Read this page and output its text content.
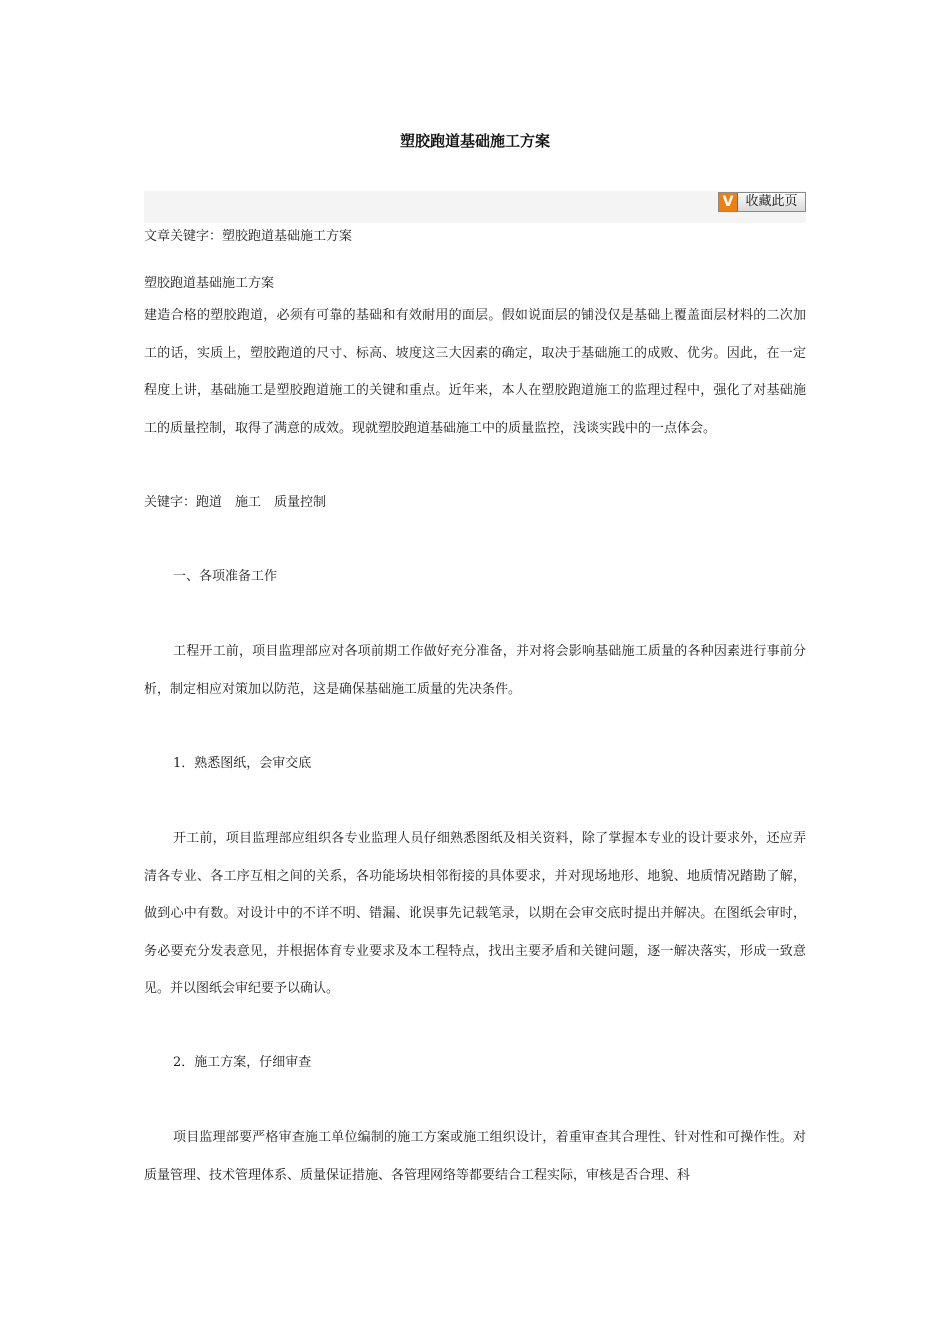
塑胶跑道基础施工方案
V 收藏此页
文章关键字：塑胶跑道基础施工方案
塑胶跑道基础施工方案
建造合格的塑胶跑道，必须有可靠的基础和有效耐用的面层。假如说面层的铺没仅是基础上覆盖面层材料的二次加工的话，实质上，塑胶跑道的尺寸、标高、坡度这三大因素的确定，取决于基础施工的成败、优劣。因此，在一定程度上讲，基础施工是塑胶跑道施工的关键和重点。近年来，本人在塑胶跑道施工的监理过程中，强化了对基础施工的质量控制，取得了满意的成效。现就塑胶跑道基础施工中的质量监控，浅谈实践中的一点体会。
关键字：跑道　施工　质量控制
一、各项准备工作
工程开工前，项目监理部应对各项前期工作做好充分准备，并对将会影响基础施工质量的各种因素进行事前分析，制定相应对策加以防范，这是确保基础施工质量的先决条件。
1．熟悉图纸，会审交底
开工前，项目监理部应组织各专业监理人员仔细熟悉图纸及相关资料，除了掌握本专业的设计要求外，还应弄清各专业、各工序互相之间的关系，各功能场块相邻衔接的具体要求，并对现场地形、地貌、地质情况踏勘了解，做到心中有数。对设计中的不详不明、错漏、讹误事先记载笔录，以期在会审交底时提出并解决。在图纸会审时，务必要充分发表意见，并根据体育专业要求及本工程特点，找出主要矛盾和关键问题，逐一解决落实，形成一致意见。并以图纸会审纪要予以确认。
2．施工方案，仔细审查
项目监理部要严格审查施工单位编制的施工方案或施工组织设计，着重审查其合理性、针对性和可操作性。对质量管理、技术管理体系、质量保证措施、各管理网络等都要结合工程实际，审核是否合理、科
